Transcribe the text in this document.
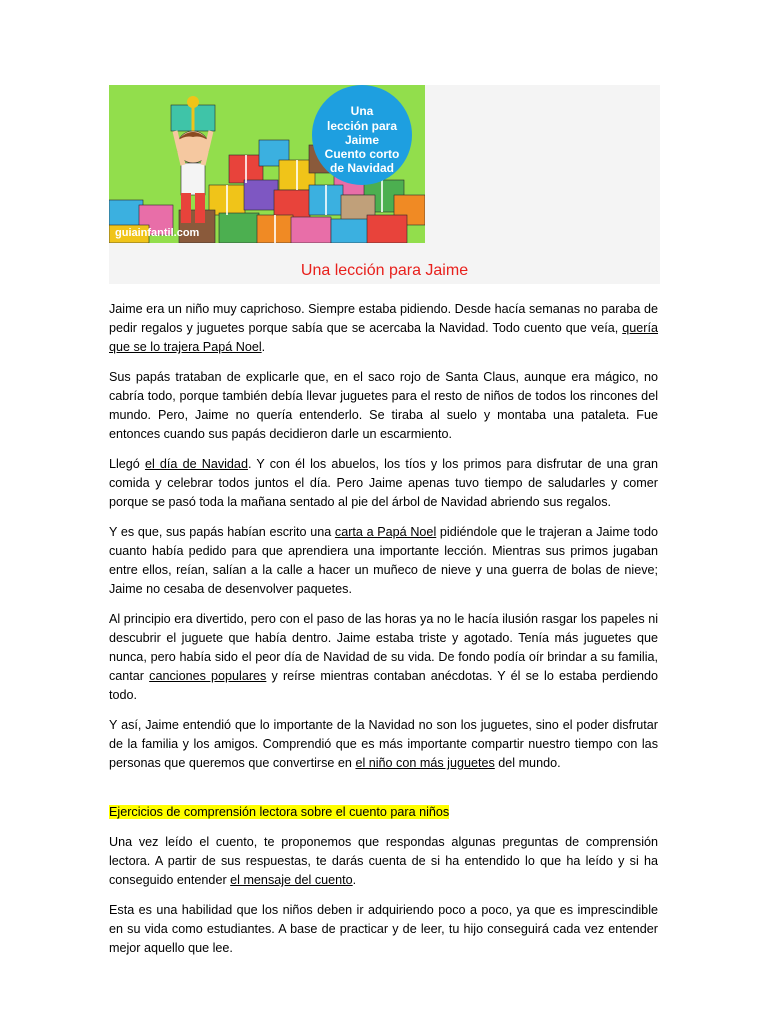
Una
lección para
Jaime
Cuento corto
de Navidad
guiainfantil.com
Una lección para Jaime

Jaime era un niño muy caprichoso. Siempre estaba pidiendo. Desde hacía semanas no paraba de pedir regalos y juguetes porque sabía que se acercaba la Navidad. Todo cuento que veía, quería que se lo trajera Papá Noel.

Sus papás trataban de explicarle que, en el saco rojo de Santa Claus, aunque era mágico, no cabría todo, porque también debía llevar juguetes para el resto de niños de todos los rincones del mundo. Pero, Jaime no quería entenderlo. Se tiraba al suelo y montaba una pataleta. Fue entonces cuando sus papás decidieron darle un escarmiento.

Llegó el día de Navidad. Y con él los abuelos, los tíos y los primos para disfrutar de una gran comida y celebrar todos juntos el día. Pero Jaime apenas tuvo tiempo de saludarles y comer porque se pasó toda la mañana sentado al pie del árbol de Navidad abriendo sus regalos.

Y es que, sus papás habían escrito una carta a Papá Noel pidiéndole que le trajeran a Jaime todo cuanto había pedido para que aprendiera una importante lección. Mientras sus primos jugaban entre ellos, reían, salían a la calle a hacer un muñeco de nieve y una guerra de bolas de nieve; Jaime no cesaba de desenvolver paquetes.

Al principio era divertido, pero con el paso de las horas ya no le hacía ilusión rasgar los papeles ni descubrir el juguete que había dentro. Jaime estaba triste y agotado. Tenía más juguetes que nunca, pero había sido el peor día de Navidad de su vida. De fondo podía oír brindar a su familia, cantar canciones populares y reírse mientras contaban anécdotas. Y él se lo estaba perdiendo todo.

Y así, Jaime entendió que lo importante de la Navidad no son los juguetes, sino el poder disfrutar de la familia y los amigos. Comprendió que es más importante compartir nuestro tiempo con las personas que queremos que convertirse en el niño con más juguetes del mundo.

Ejercicios de comprensión lectora sobre el cuento para niños

Una vez leído el cuento, te proponemos que respondas algunas preguntas de comprensión lectora. A partir de sus respuestas, te darás cuenta de si ha entendido lo que ha leído y si ha conseguido entender el mensaje del cuento.

Esta es una habilidad que los niños deben ir adquiriendo poco a poco, ya que es imprescindible en su vida como estudiantes. A base de practicar y de leer, tu hijo conseguirá cada vez entender mejor aquello que lee.
